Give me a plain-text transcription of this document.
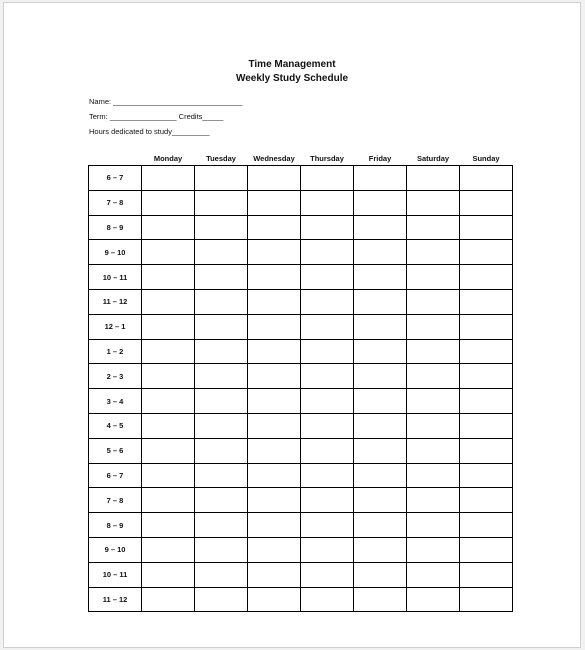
Time Management
Weekly Study Schedule
Name: _______________________________
Term: ________________ Credits_____
Hours dedicated to study_________
	Monday	Tuesday	Wednesday	Thursday	Friday	Saturday	Sunday
6 – 7							
7 – 8							
8 – 9							
9 – 10							
10 – 11							
11 – 12							
12 – 1							
1 – 2							
2 – 3							
3 – 4							
4 – 5							
5 – 6							
6 – 7							
7 – 8							
8 – 9							
9 – 10							
10 – 11							
11 – 12							
